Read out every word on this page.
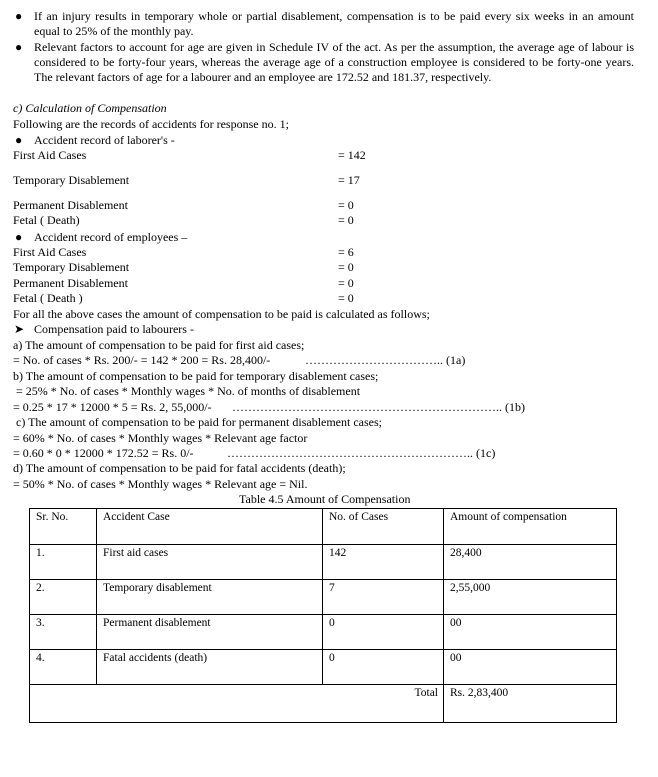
● If an injury results in temporary whole or partial disablement, compensation is to be paid every six weeks in an amount equal to 25% of the monthly pay.
● Relevant factors to account for age are given in Schedule IV of the act. As per the assumption, the average age of labour is considered to be forty-four years, whereas the average age of a construction employee is considered to be forty-one years. The relevant factors of age for a labourer and an employee are 172.52 and 181.37, respectively.
c) Calculation of Compensation
Following are the records of accidents for response no. 1;
● Accident record of laborer's -
First Aid Cases	= 142
Temporary Disablement	= 17
Permanent Disablement	= 0
Fetal ( Death)	= 0
● Accident record of employees –
First Aid Cases	= 6
Temporary Disablement	= 0
Permanent Disablement	= 0
Fetal ( Death )	= 0
For all the above cases the amount of compensation to be paid is calculated as follows;
➤ Compensation paid to labourers -
a) The amount of compensation to be paid for first aid cases;
= No. of cases * Rs. 200/- = 142 * 200 = Rs. 28,400/-	…………………………….. (1a)
b) The amount of compensation to be paid for temporary disablement cases;
= 25% * No. of cases * Monthly wages * No. of months of disablement
= 0.25 * 17 * 12000 * 5 = Rs. 2, 55,000/- ………………………………………………………….. (1b)
c) The amount of compensation to be paid for permanent disablement cases;
= 60% * No. of cases * Monthly wages * Relevant age factor
= 0.60 * 0 * 12000 * 172.52 = Rs. 0/-	…………………………………………………….. (1c)
d) The amount of compensation to be paid for fatal accidents (death);
= 50% * No. of cases * Monthly wages * Relevant age = Nil.
Table 4.5 Amount of Compensation
Sr. No.	Accident Case	No. of Cases	Amount of compensation
1.	First aid cases	142	28,400
2.	Temporary disablement	7	2,55,000
3.	Permanent disablement	0	00
4.	Fatal accidents (death)	0	00
Total			Rs. 2,83,400
